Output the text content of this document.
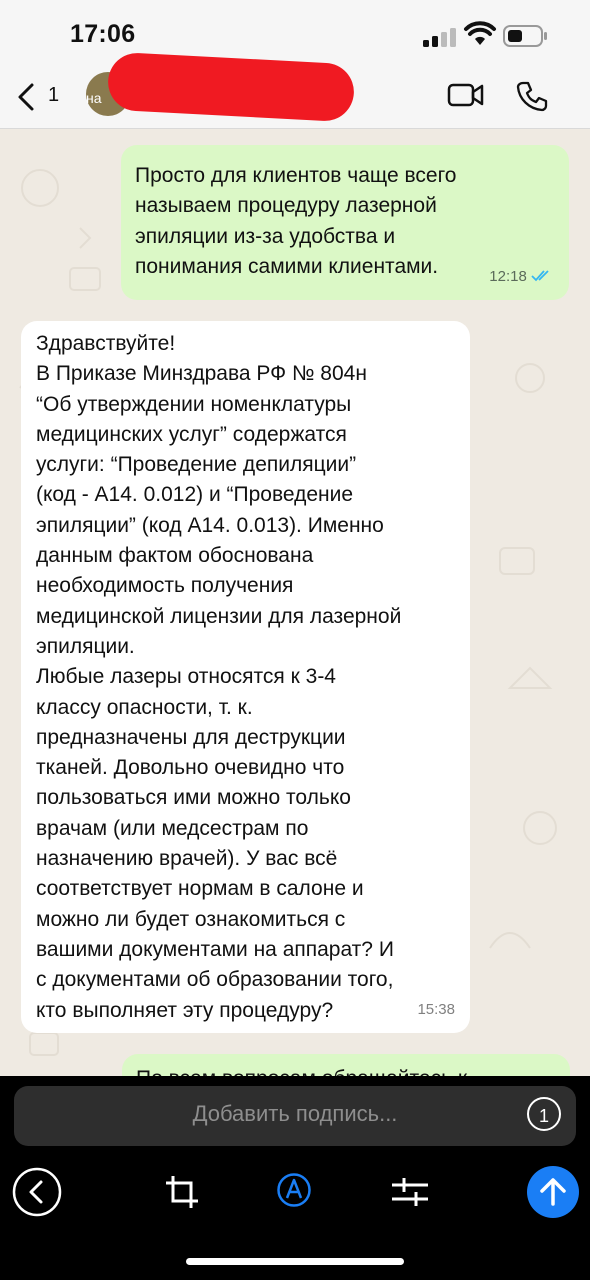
17:06
1 на
Просто для клиентов чаще всего
называем процедуру лазерной
эпиляции из-за удобства и
понимания самими клиентами.	12:18
Здравствуйте!
В Приказе Минздрава РФ № 804н
“Об утверждении номенклатуры
медицинских услуг” содержатся
услуги: “Проведение депиляции”
(код - А14. 0.012) и “Проведение
эпиляции” (код А14. 0.013). Именно
данным фактом обоснована
необходимость получения
медицинской лицензии для лазерной
эпиляции.
Любые лазеры относятся к 3-4
классу опасности, т. к.
предназначены для деструкции
тканей. Довольно очевидно что
пользоваться ими можно только
врачам (или медсестрам по
назначению врачей). У вас всё
соответствует нормам в салоне и
можно ли будет ознакомиться с
вашими документами на аппарат? И
с документами об образовании того,
кто выполняет эту процедуру?	15:38
Добавить подпись...	1
